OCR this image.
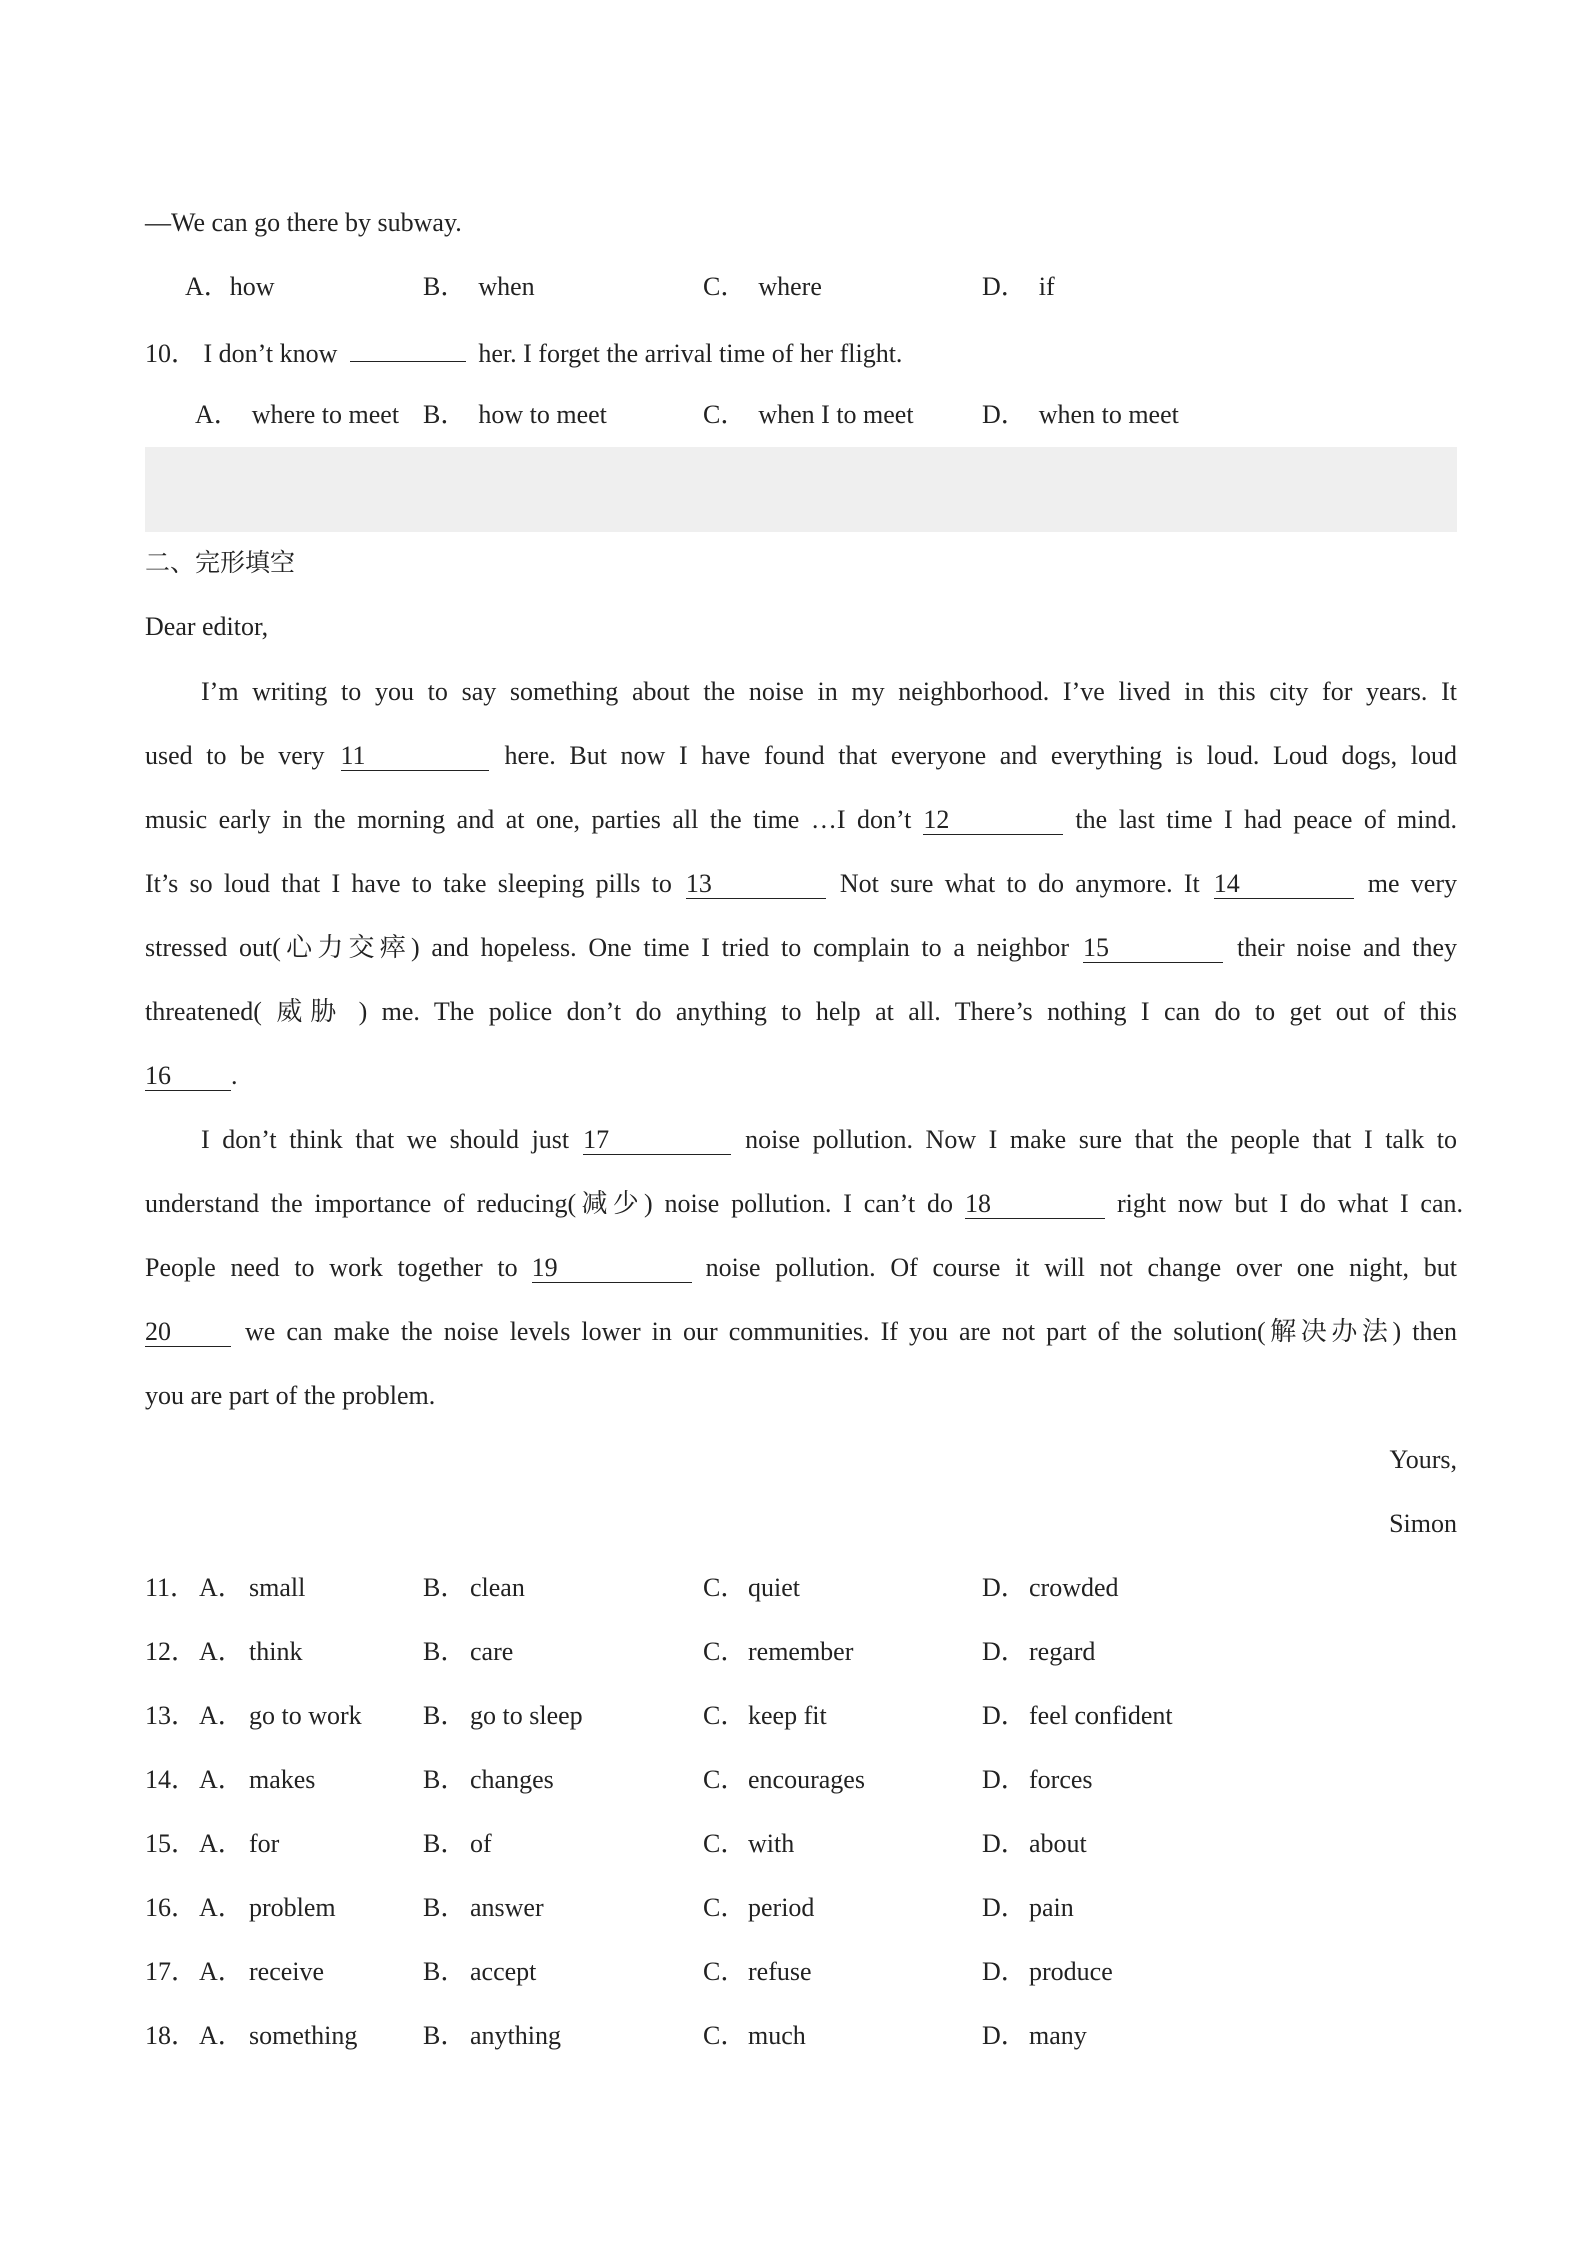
—We can go there by subway.
A．how	B． when	C． where	D． if
10． I don’t know	her. I forget the arrival time of her flight.
A． where to meet B． how to meet	C． when I to meet	D． when to meet
二、完形填空
Dear editor,
I’m writing to you to say something about the noise in my neighborhood. I’ve lived in this city for years. It
used to be very 11	here. But now I have found that everyone and everything is loud. Loud dogs, loud
music early in the morning and at one, parties all the time …I don’t 12	the last time I had peace of mind.
It’s so loud that I have to take sleeping pills to 13	Not sure what to do anymore. It 14	me very
stressed out(心力交瘁) and hopeless. One time I tried to complain to a neighbor 15	their noise and they
threatened( 威胁 ) me. The police don’t do anything to help at all. There’s nothing I can do to get out of this
16 .
I don’t think that we should just 17	noise pollution. Now I make sure that the people that I talk to
understand the importance of reducing(减少) noise pollution. I can’t do 18	right now but I do what I can.
People need to work together to 19	noise pollution. Of course it will not change over one night, but
20	we can make the noise levels lower in our communities. If you are not part of the solution(解决办法) then
you are part of the problem.
Yours,
Simon
11． A． small	B． clean	C． quiet	D． crowded
12． A． think	B． care	C． remember	D． regard
13． A． go to work B． go to sleep	C． keep fit	D． feel confident
14． A． makes	B． changes	C． encourages	D． forces
15． A． for	B． of	C． with	D． about
16． A． problem	B． answer	C． period	D． pain
17． A． receive	B． accept	C． refuse	D． produce
18． A． something	B． anything	C． much	D． many
